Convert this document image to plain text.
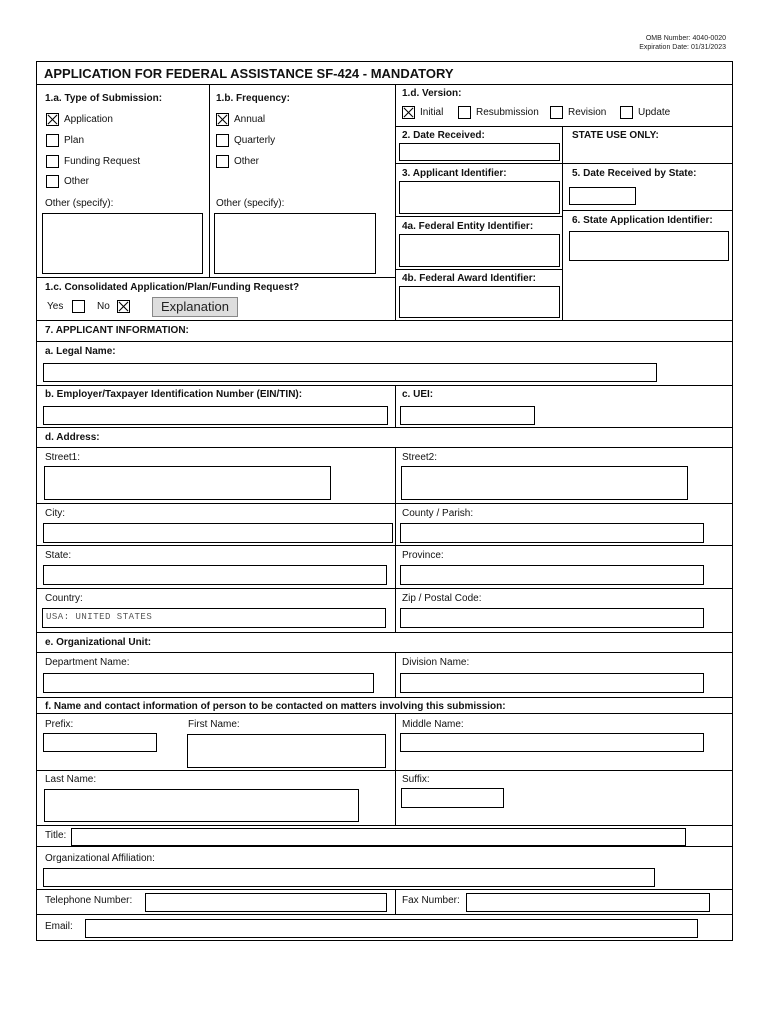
OMB Number: 4040-0020
Expiration Date: 01/31/2023
APPLICATION FOR FEDERAL ASSISTANCE SF-424 - MANDATORY
1.a. Type of Submission:
Application
Plan
Funding Request
Other
Other (specify):
1.b. Frequency:
Annual
Quarterly
Other
Other (specify):
1.c. Consolidated Application/Plan/Funding Request?
Yes	No	Explanation
1.d. Version:
Initial	Resubmission	Revision	Update
2. Date Received:	STATE USE ONLY:
3. Applicant Identifier:	5. Date Received by State:
4a. Federal Entity Identifier:
6. State Application Identifier:
4b. Federal Award Identifier:
7. APPLICANT INFORMATION:
a. Legal Name:
b. Employer/Taxpayer Identification Number (EIN/TIN):	c. UEI:
d. Address:
Street1:	Street2:
City:	County / Parish:
State:	Province:
Country:
USA: UNITED STATES
Zip / Postal Code:
e. Organizational Unit:
Department Name:	Division Name:
f. Name and contact information of person to be contacted on matters involving this submission:
Prefix:	First Name:	Middle Name:
Last Name:	Suffix:
Title:
Organizational Affiliation:
Telephone Number:	Fax Number:
Email:
